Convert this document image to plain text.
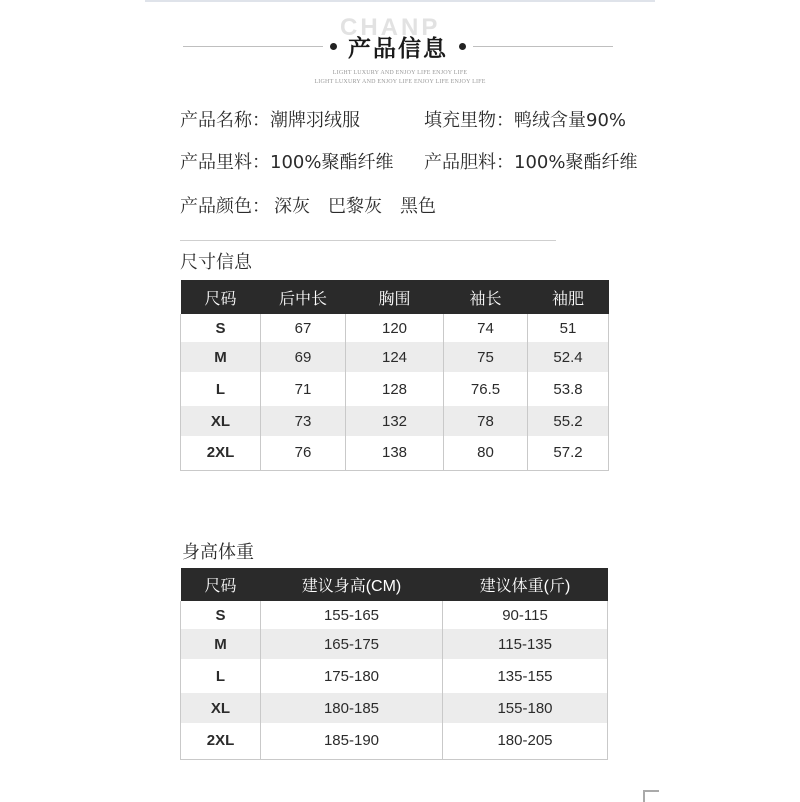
CHANP
产品信息
LIGHT LUXURY AND ENJOY LIFE ENJOY LIFE
LIGHT LUXURY AND ENJOY LIFE ENJOY LIFE ENJOY LIFE
产品名称：潮牌羽绒服	填充里物：鸭绒含量90%
产品里料：100%聚酯纤维 产品胆料：100%聚酯纤维
产品颜色： 深灰 巴黎灰 黑色
尺寸信息
尺码	后中长	胸围	袖长	袖肥
S	67	120	74	51
M	69	124	75	52.4
L	71	128	76.5	53.8
XL	73	132	78	55.2
2XL	76	138	80	57.2
身高体重
尺码	建议身高(CM)	建议体重(斤)
S	155-165	90-115
M	165-175	115-135
L	175-180	135-155
XL	180-185	155-180
2XL	185-190	180-205
